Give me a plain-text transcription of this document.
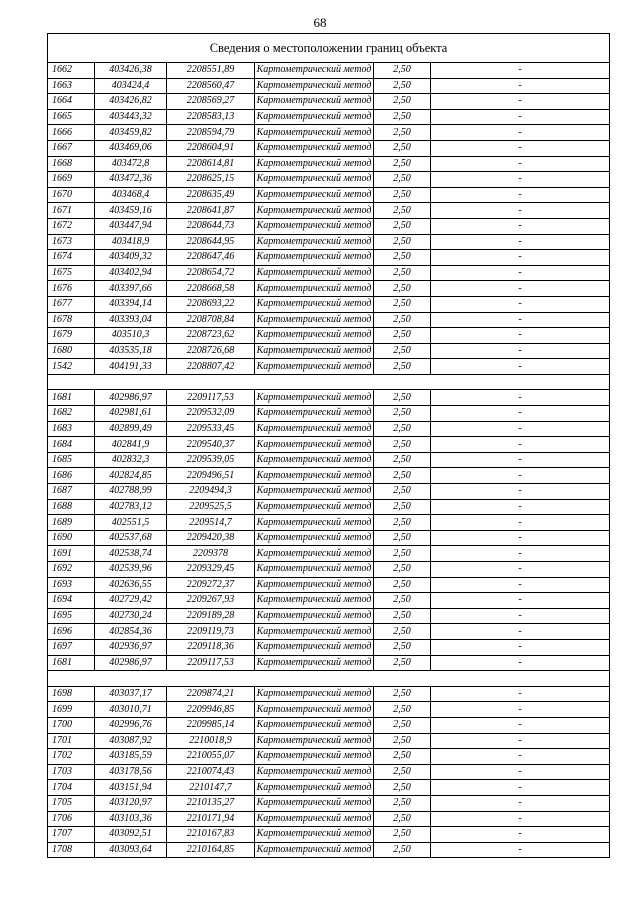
68
Сведения о местоположении границ объекта					
1662	403426,38	2208551,89	Картометрический метод	2,50	-
1663	403424,4	2208560,47	Картометрический метод	2,50	-
1664	403426,82	2208569,27	Картометрический метод	2,50	-
1665	403443,32	2208583,13	Картометрический метод	2,50	-
1666	403459,82	2208594,79	Картометрический метод	2,50	-
1667	403469,06	2208604,91	Картометрический метод	2,50	-
1668	403472,8	2208614,81	Картометрический метод	2,50	-
1669	403472,36	2208625,15	Картометрический метод	2,50	-
1670	403468,4	2208635,49	Картометрический метод	2,50	-
1671	403459,16	2208641,87	Картометрический метод	2,50	-
1672	403447,94	2208644,73	Картометрический метод	2,50	-
1673	403418,9	2208644,95	Картометрический метод	2,50	-
1674	403409,32	2208647,46	Картометрический метод	2,50	-
1675	403402,94	2208654,72	Картометрический метод	2,50	-
1676	403397,66	2208668,58	Картометрический метод	2,50	-
1677	403394,14	2208693,22	Картометрический метод	2,50	-
1678	403393,04	2208708,84	Картометрический метод	2,50	-
1679	403510,3	2208723,62	Картометрический метод	2,50	-
1680	403535,18	2208726,68	Картометрический метод	2,50	-
1542	404191,33	2208807,42	Картометрический метод	2,50	-

1681	402986,97	2209117,53	Картометрический метод	2,50	-
1682	402981,61	2209532,09	Картометрический метод	2,50	-
1683	402899,49	2209533,45	Картометрический метод	2,50	-
1684	402841,9	2209540,37	Картометрический метод	2,50	-
1685	402832,3	2209539,05	Картометрический метод	2,50	-
1686	402824,85	2209496,51	Картометрический метод	2,50	-
1687	402788,99	2209494,3	Картометрический метод	2,50	-
1688	402783,12	2209525,5	Картометрический метод	2,50	-
1689	402551,5	2209514,7	Картометрический метод	2,50	-
1690	402537,68	2209420,38	Картометрический метод	2,50	-
1691	402538,74	2209378	Картометрический метод	2,50	-
1692	402539,96	2209329,45	Картометрический метод	2,50	-
1693	402636,55	2209272,37	Картометрический метод	2,50	-
1694	402729,42	2209267,93	Картометрический метод	2,50	-
1695	402730,24	2209189,28	Картометрический метод	2,50	-
1696	402854,36	2209119,73	Картометрический метод	2,50	-
1697	402936,97	2209118,36	Картометрический метод	2,50	-
1681	402986,97	2209117,53	Картометрический метод	2,50	-

1698	403037,17	2209874,21	Картометрический метод	2,50	-
1699	403010,71	2209946,85	Картометрический метод	2,50	-
1700	402996,76	2209985,14	Картометрический метод	2,50	-
1701	403087,92	2210018,9	Картометрический метод	2,50	-
1702	403185,59	2210055,07	Картометрический метод	2,50	-
1703	403178,56	2210074,43	Картометрический метод	2,50	-
1704	403151,94	2210147,7	Картометрический метод	2,50	-
1705	403120,97	2210135,27	Картометрический метод	2,50	-
1706	403103,36	2210171,94	Картометрический метод	2,50	-
1707	403092,51	2210167,83	Картометрический метод	2,50	-
1708	403093,64	2210164,85	Картометрический метод	2,50	-
